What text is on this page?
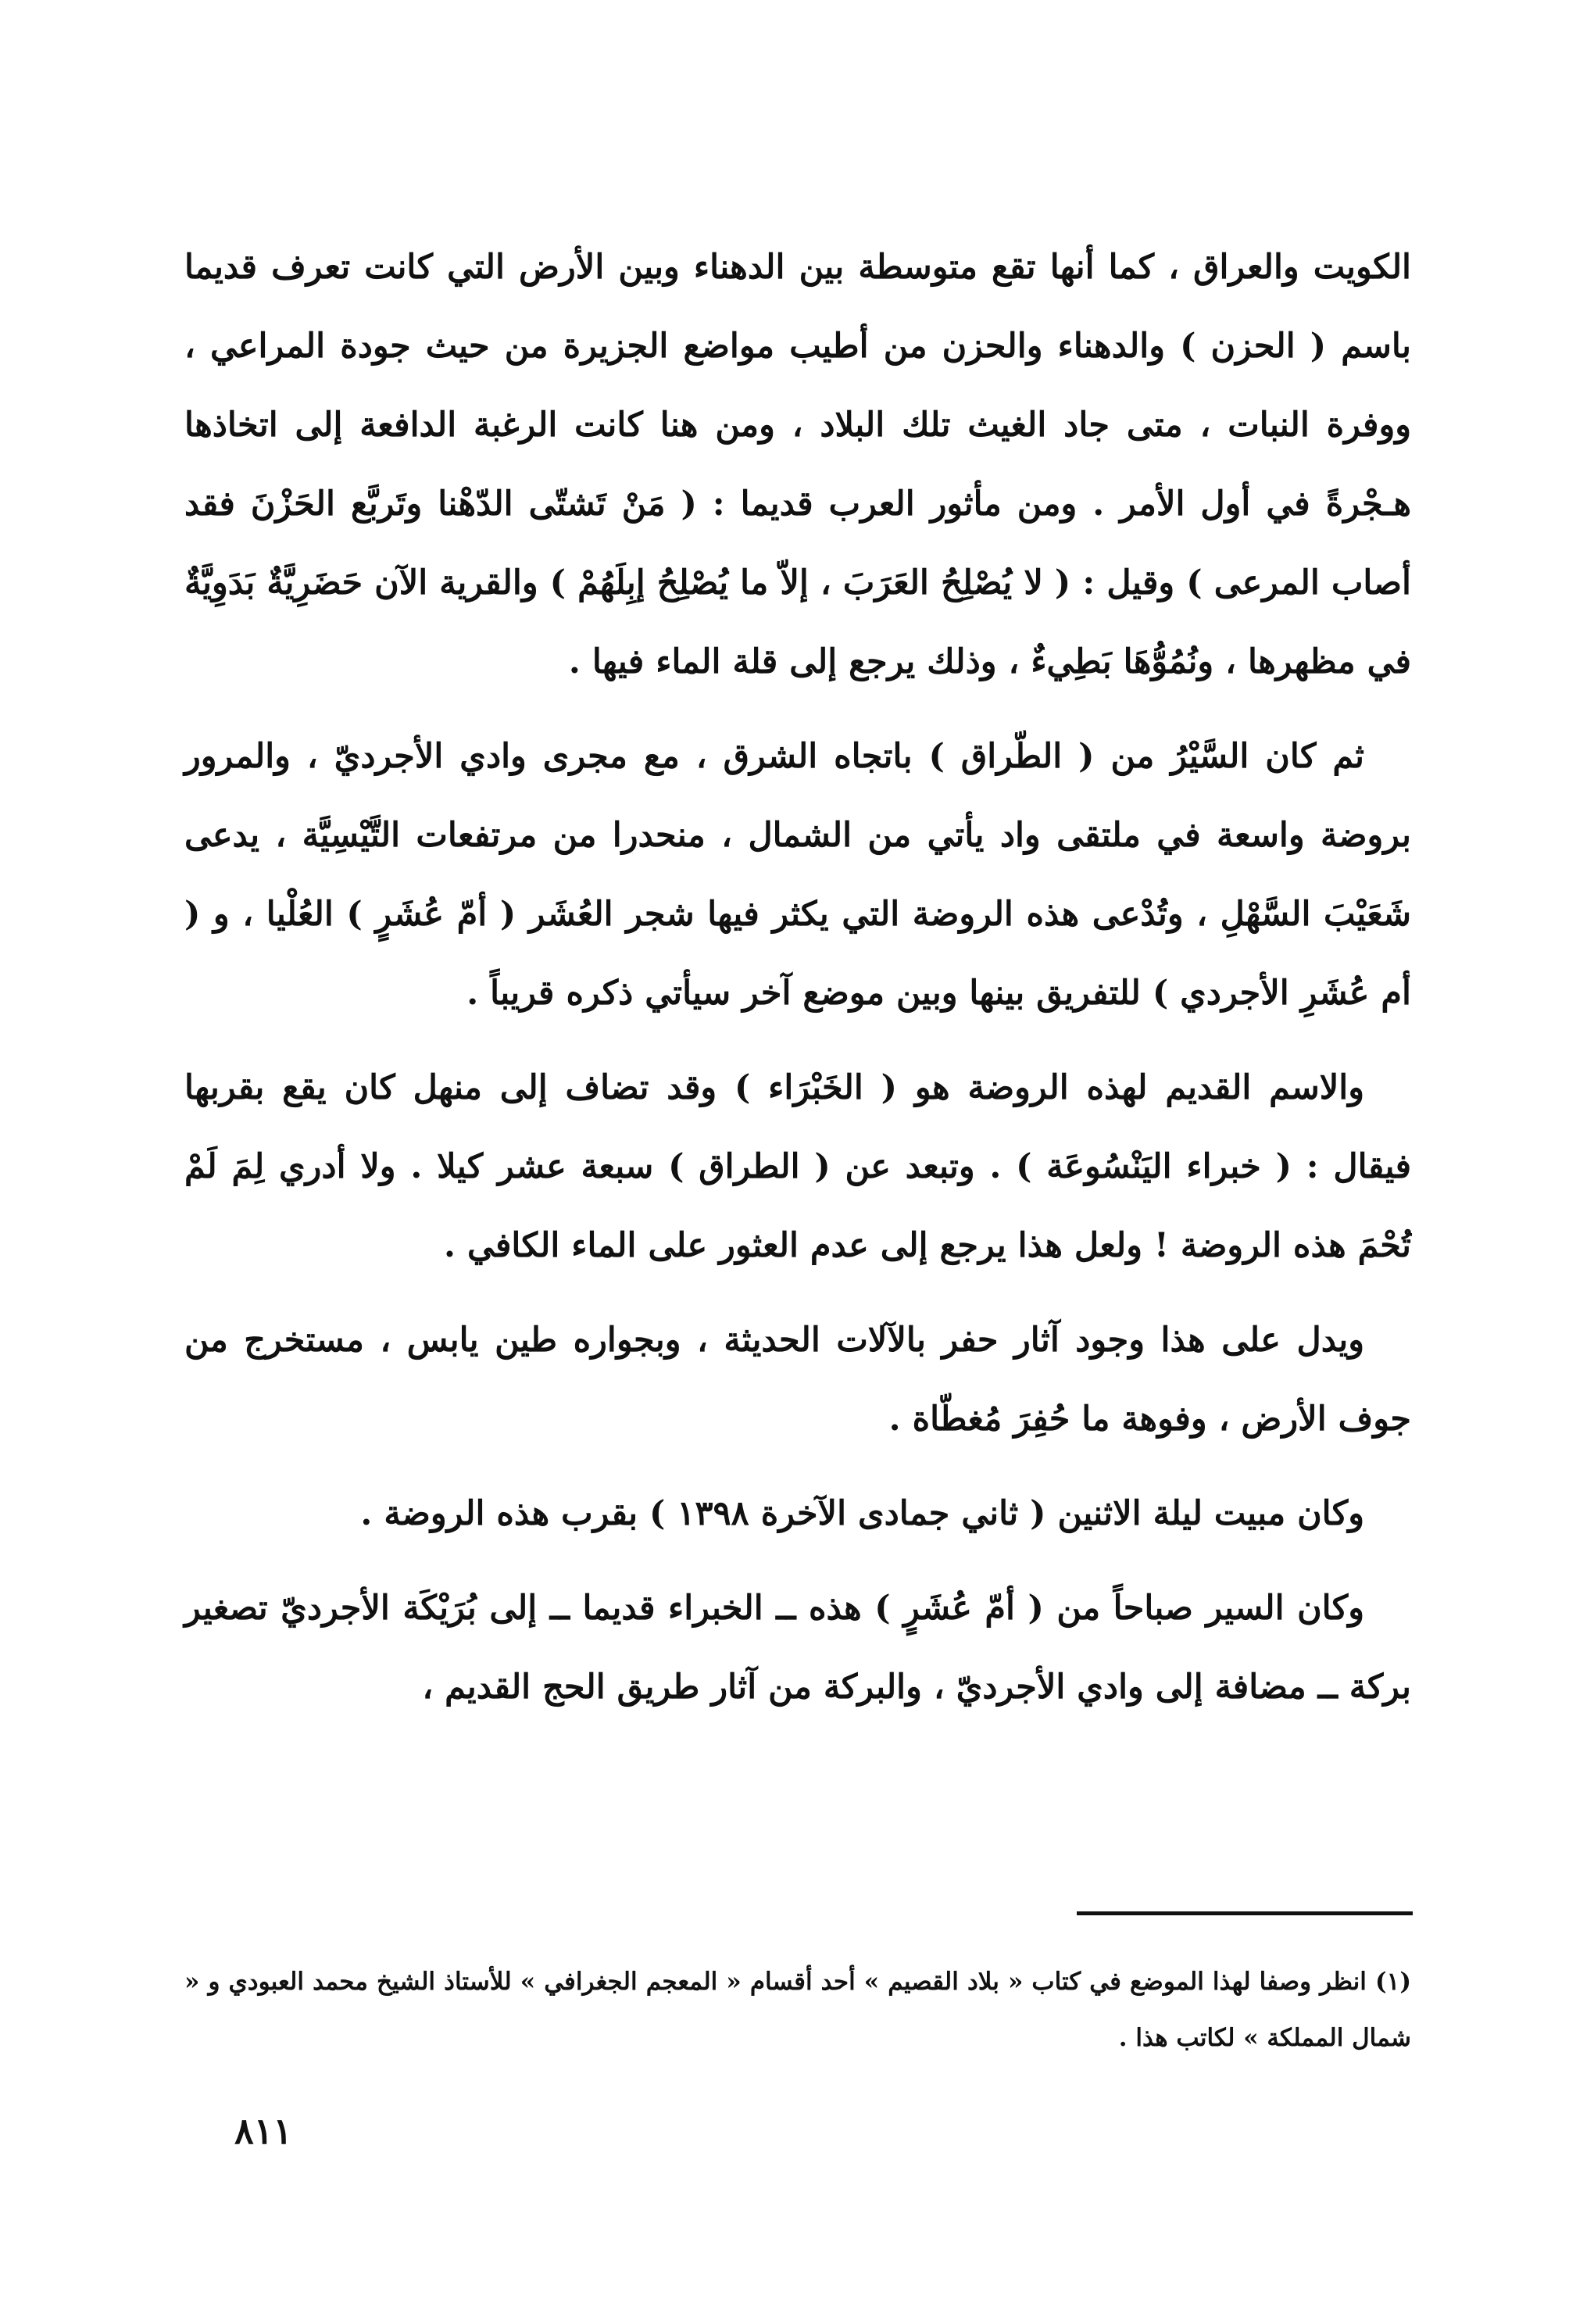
الكويت والعراق ، كما أنها تقع متوسطة بين الدهناء وبين الأرض التي كانت تعرف قديما باسم ( الحزن ) والدهناء والحزن من أطيب مواضع الجزيرة من حيث جودة المراعي ، ووفرة النبات ، متى جاد الغيث تلك البلاد ، ومن هنا كانت الرغبة الدافعة إلى اتخاذها هـجْرةً في أول الأمر . ومن مأثور العرب قديما : ( مَنْ تَشتّى الدّهْنا وتَربَّع الحَزْنَ فقد أصاب المرعى ) وقيل : ( لا يُصْلِحُ العَرَبَ ، إلاّ ما يُصْلِحُ إبِلَهُمْ ) والقرية الآن حَضَرِيَّةٌ بَدَوِيَّةٌ في مظهرها ، ونُمُوُّهَا بَطِيءٌ ، وذلك يرجع إلى قلة الماء فيها .

ثم كان السَّيْرُ من ( الطّراق ) باتجاه الشرق ، مع مجرى وادي الأجرديّ ، والمرور بروضة واسعة في ملتقى واد يأتي من الشمال ، منحدرا من مرتفعات التَّيْسِيَّة ، يدعى شَعَيْبَ السَّهْلِ ، وتُدْعى هذه الروضة التي يكثر فيها شجر العُشَر ( أمّ عُشَرٍ ) العُلْيا ، و ( أم عُشَرِ الأجردي ) للتفريق بينها وبين موضع آخر سيأتي ذكره قريباً .

والاسم القديم لهذه الروضة هو ( الخَبْرَاء ) وقد تضاف إلى منهل كان يقع بقربها فيقال : ( خبراء اليَنْسُوعَة ) . وتبعد عن ( الطراق ) سبعة عشر كيلا . ولا أدري لِمَ لَمْ تُحْمَ هذه الروضة ! ولعل هذا يرجع إلى عدم العثور على الماء الكافي .

ويدل على هذا وجود آثار حفر بالآلات الحديثة ، وبجواره طين يابس ، مستخرج من جوف الأرض ، وفوهة ما حُفِرَ مُغطّاة .

وكان مبيت ليلة الاثنين ( ثاني جمادى الآخرة ١٣٩٨ ) بقرب هذه الروضة .

وكان السير صباحاً من ( أمّ عُشَرٍ ) هذه ــ الخبراء قديما ــ إلى بُرَيْكَة الأجرديّ تصغير بركة ــ مضافة إلى وادي الأجرديّ ، والبركة من آثار طريق الحج القديم ،

(١) انظر وصفا لهذا الموضع في كتاب « بلاد القصيم » أحد أقسام « المعجم الجغرافي » للأستاذ الشيخ محمد العبودي و « شمال المملكة » لكاتب هذا .

٨١١
